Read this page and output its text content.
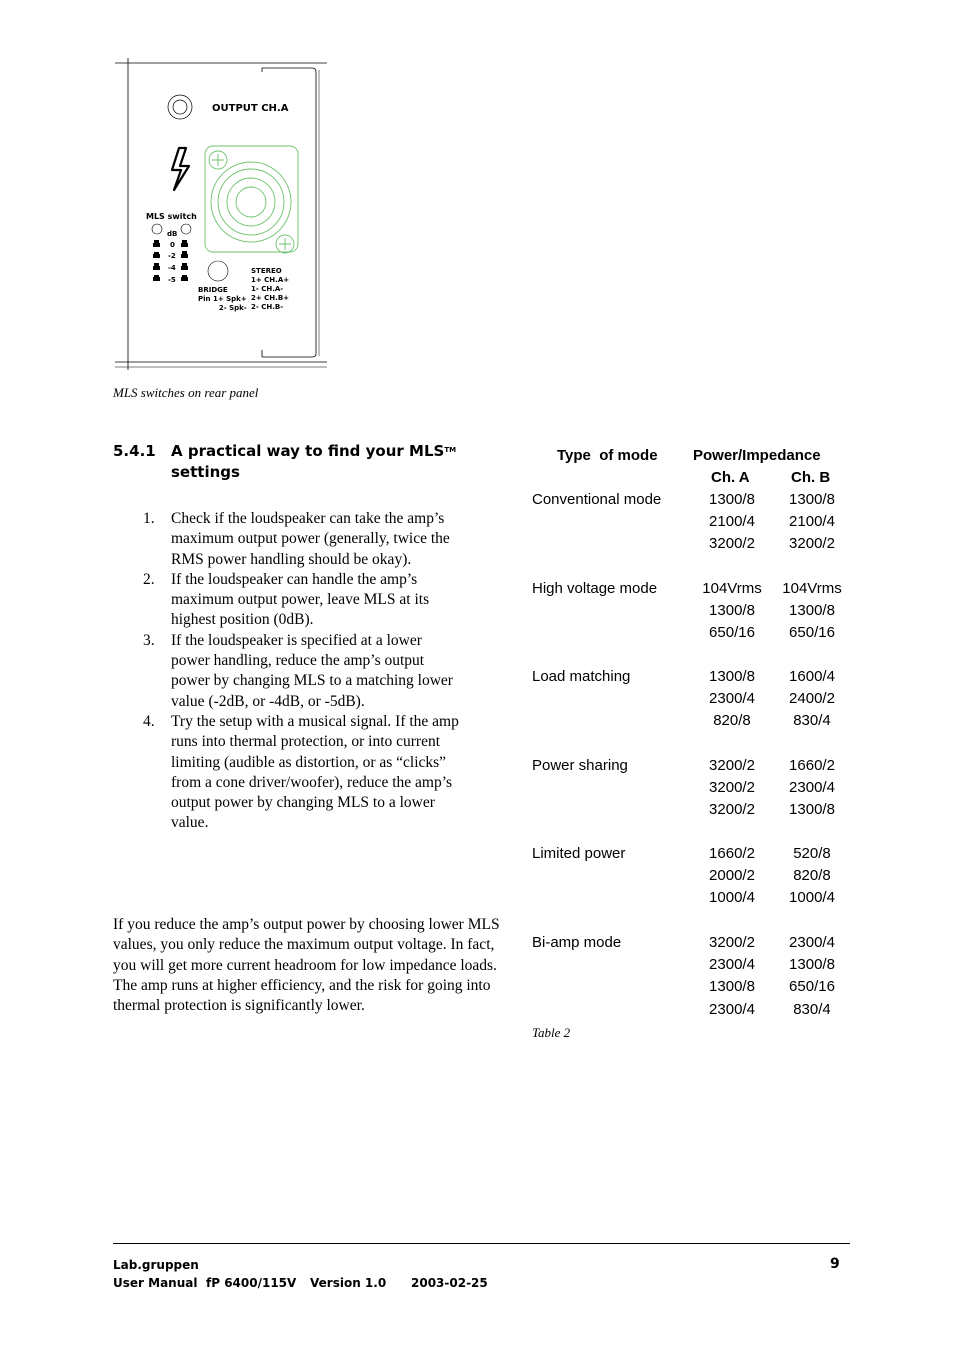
OUTPUT CH.A
MLS switch
dB
0
-2
-4
-5
BRIDGE
Pin 1+ Spk+
2- Spk-
STEREO
1+ CH.A+
1- CH.A-
2+ CH.B+
2- CH.B-
MLS switches on rear panel
5.4.1 A practical way to find your MLS™
settings
1. Check if the loudspeaker can take the amp’s maximum output power (generally, twice the RMS power handling should be okay).
2. If the loudspeaker can handle the amp’s maximum output power, leave MLS at its highest position (0dB).
3. If the loudspeaker is specified at a lower power handling, reduce the amp’s output power by changing MLS to a matching lower value (-2dB, or -4dB, or -5dB).
4. Try the setup with a musical signal. If the amp runs into thermal protection, or into current limiting (audible as distortion, or as “clicks” from a cone driver/woofer), reduce the amp’s output power by changing MLS to a lower value.
If you reduce the amp’s output power by choosing lower MLS values, you only reduce the maximum output voltage. In fact, you will get more current headroom for low impedance loads. The amp runs at higher efficiency, and the risk for going into thermal protection is significantly lower.
Type  of mode Power/Impedance
Ch. A	Ch. B
Conventional mode	1300/8	1300/8
2100/4	2100/4
3200/2	3200/2
High voltage mode	104Vrms	104Vrms
1300/8	1300/8
650/16	650/16
Load matching	1300/8	1600/4
2300/4	2400/2
820/8	830/4
Power sharing	3200/2	1660/2
3200/2	2300/4
3200/2	1300/8
Limited power	1660/2	520/8
2000/2	820/8
1000/4	1000/4
Bi-amp mode	3200/2	2300/4
2300/4	1300/8
1300/8	650/16
2300/4	830/4
Table 2
Lab.gruppen
User Manual fP 6400/115V Version 1.0 2003-02-25
9
